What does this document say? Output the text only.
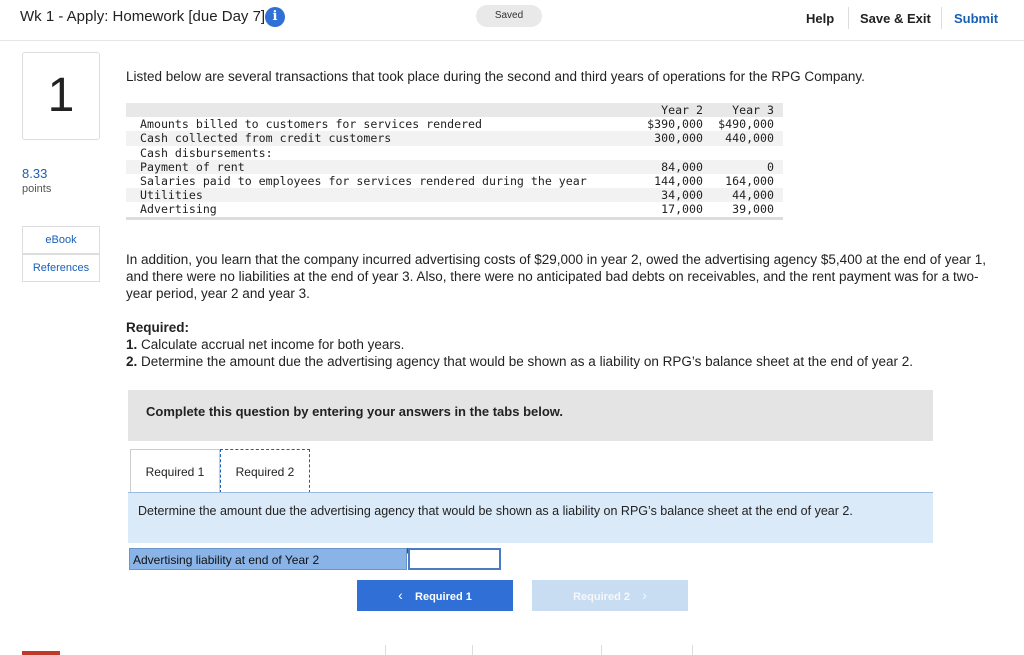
Wk 1 - Apply: Homework [due Day 7] i	Saved	Help Save & Exit Submit
1
8.33
points
eBook
References
Listed below are several transactions that took place during the second and third years of operations for the RPG Company.
	Year 2	Year 3
Amounts billed to customers for services rendered	$390,000	$490,000
Cash collected from credit customers	300,000	440,000
Cash disbursements:		
Payment of rent	84,000	0
Salaries paid to employees for services rendered during the year	144,000	164,000
Utilities	34,000	44,000
Advertising	17,000	39,000
In addition, you learn that the company incurred advertising costs of $29,000 in year 2, owed the advertising agency $5,400 at the end of year 1, and there were no liabilities at the end of year 3. Also, there were no anticipated bad debts on receivables, and the rent payment was for a two-year period, year 2 and year 3.
Required:
1. Calculate accrual net income for both years.
2. Determine the amount due the advertising agency that would be shown as a liability on RPG’s balance sheet at the end of year 2.
Complete this question by entering your answers in the tabs below.
Required 1	Required 2
Determine the amount due the advertising agency that would be shown as a liability on RPG’s balance sheet at the end of year 2.
Advertising liability at end of Year 2
‹ Required 1	Required 2 ›
